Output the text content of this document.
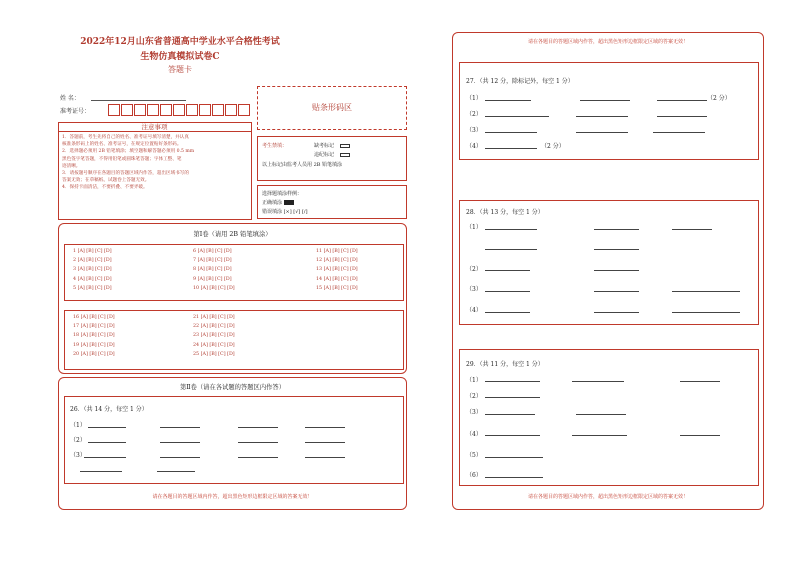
2022年12月山东省普通高中学业水平合格性考试
生物仿真模拟试卷C
答题卡
姓 名：
准考证号：	贴条形码区
注意事项
1．答题前，考生先将自己的姓名、准考证号填写清楚，并认真
核准条形码上的姓名、准考证号，在规定位置贴好条形码。
2．选择题必须用 2B 铅笔填涂；填空题和解答题必须用 0.5 mm
黑色签字笔答题，不得用铅笔或圆珠笔答题；字体工整、笔
迹清晰。
3．请按题号顺序在各题目的答题区域内作答，超出区域书写的
答案无效；在草稿纸、试题卷上答题无效。
4．保持卡面清洁，不要折叠、不要弄破。
考生禁填：	缺考标记
违纪标记
以上标记由监考人员用 2B 铅笔填涂
选择题填涂样例：
正确填涂
错误填涂 [×] [√] [/]
第Ⅰ卷（请用 2B 铅笔填涂）
1 [A] [B] [C] [D]
2 [A] [B] [C] [D]
3 [A] [B] [C] [D]
4 [A] [B] [C] [D]
5 [A] [B] [C] [D]
6 [A] [B] [C] [D]
7 [A] [B] [C] [D]
8 [A] [B] [C] [D]
9 [A] [B] [C] [D]
10 [A] [B] [C] [D]
11 [A] [B] [C] [D]
12 [A] [B] [C] [D]
13 [A] [B] [C] [D]
14 [A] [B] [C] [D]
15 [A] [B] [C] [D]
16 [A] [B] [C] [D]
17 [A] [B] [C] [D]
18 [A] [B] [C] [D]
19 [A] [B] [C] [D]
20 [A] [B] [C] [D]
21 [A] [B] [C] [D]
22 [A] [B] [C] [D]
23 [A] [B] [C] [D]
24 [A] [B] [C] [D]
25 [A] [B] [C] [D]
第Ⅱ卷（请在各试题的答题区内作答）
26．（共 14 分，每空 1 分）
（1）
（2）
（3）
请在各题目的答题区域内作答，超出黑色矩形边框限定区域的答案无效！
请在各题目的答题区域内作答，超出黑色矩形边框限定区域的答案无效！
27．（共 12 分，除标记外，每空 1 分）
（1）	（2 分）
（2）
（3）
（4）	（2 分）
28．（共 13 分，每空 1 分）
（1）
（2）
（3）
（4）
29．（共 11 分，每空 1 分）
（1）
（2）
（3）
（4）
（5）
（6）
请在各题目的答题区域内作答，超出黑色矩形边框限定区域的答案无效！
